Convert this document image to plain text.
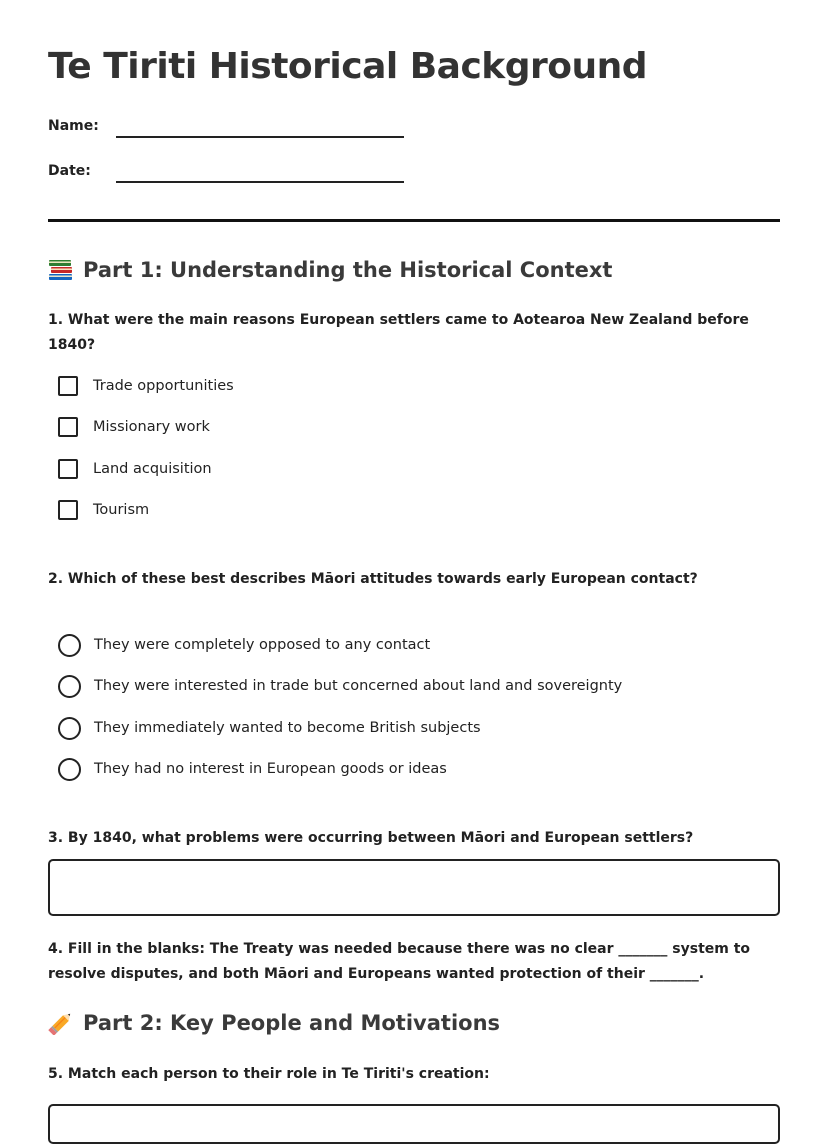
Te Tiriti Historical Background
Name:
Date:
Part 1: Understanding the Historical Context

1. What were the main reasons European settlers came to Aotearoa New Zealand before 1840?

Trade opportunities
Missionary work
Land acquisition
Tourism

2. Which of these best describes Māori attitudes towards early European contact?

They were completely opposed to any contact
They were interested in trade but concerned about land and sovereignty
They immediately wanted to become British subjects
They had no interest in European goods or ideas

3. By 1840, what problems were occurring between Māori and European settlers?

4. Fill in the blanks: The Treaty was needed because there was no clear _______ system to resolve disputes, and both Māori and Europeans wanted protection of their _______.

Part 2: Key People and Motivations

5. Match each person to their role in Te Tiriti's creation:
